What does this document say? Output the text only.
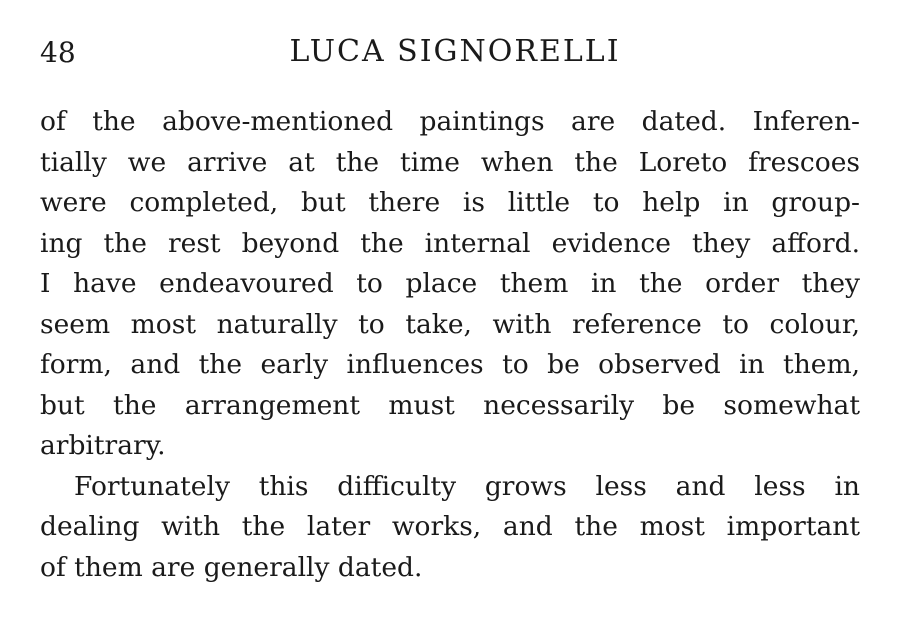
48	LUCA SIGNORELLI
of the above-mentioned paintings are dated. Inferen-
tially we arrive at the time when the Loreto frescoes
were completed, but there is little to help in group-
ing the rest beyond the internal evidence they afford.
I have endeavoured to place them in the order they
seem most naturally to take, with reference to colour,
form, and the early influences to be observed in them,
but the arrangement must necessarily be somewhat
arbitrary.
Fortunately this difficulty grows less and less in
dealing with the later works, and the most important
of them are generally dated.
